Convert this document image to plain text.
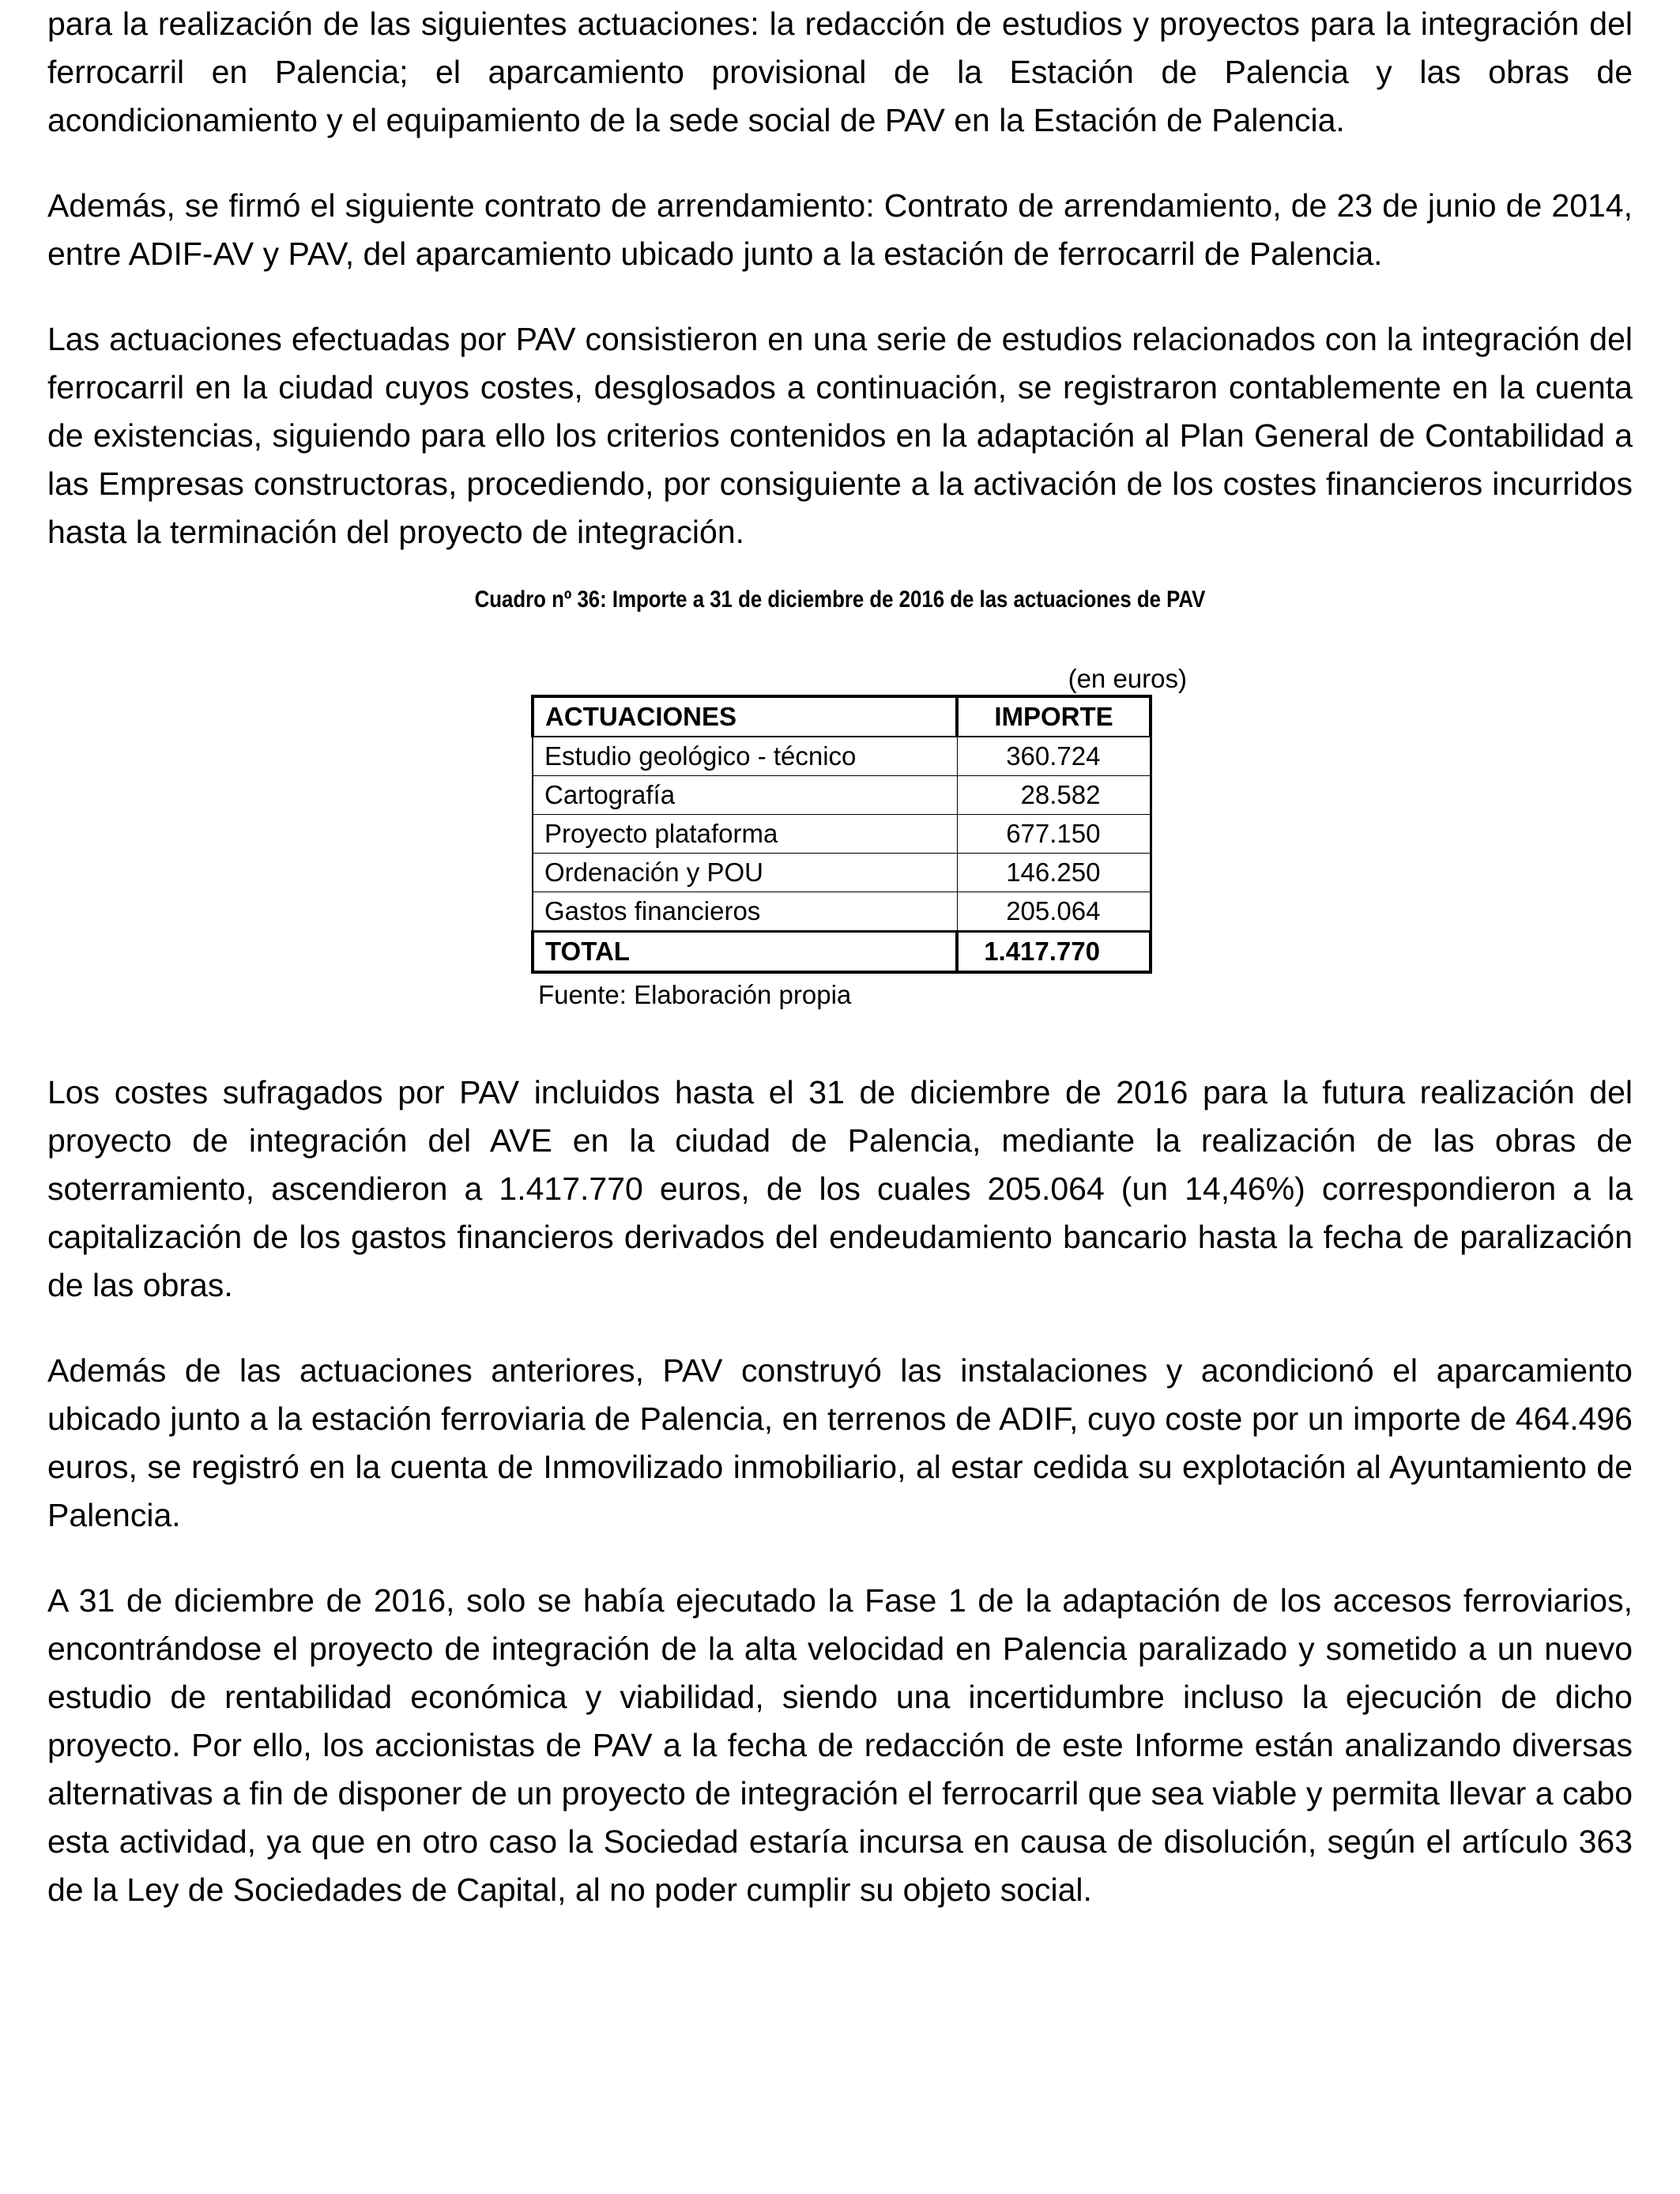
para la realización de las siguientes actuaciones: la redacción de estudios y proyectos para la integración del ferrocarril en Palencia; el aparcamiento provisional de la Estación de Palencia y las obras de acondicionamiento y el equipamiento de la sede social de PAV en la Estación de Palencia.

Además, se firmó el siguiente contrato de arrendamiento: Contrato de arrendamiento, de 23 de junio de 2014, entre ADIF-AV y PAV, del aparcamiento ubicado junto a la estación de ferrocarril de Palencia.

Las actuaciones efectuadas por PAV consistieron en una serie de estudios relacionados con la integración del ferrocarril en la ciudad cuyos costes, desglosados a continuación, se registraron contablemente en la cuenta de existencias, siguiendo para ello los criterios contenidos en la adaptación al Plan General de Contabilidad a las Empresas constructoras, procediendo, por consiguiente a la activación de los costes financieros incurridos hasta la terminación del proyecto de integración.

Cuadro nº 36: Importe a 31 de diciembre de 2016 de las actuaciones de PAV
(en euros)
ACTUACIONES	IMPORTE
Estudio geológico - técnico	360.724
Cartografía	28.582
Proyecto plataforma	677.150
Ordenación y POU	146.250
Gastos financieros	205.064
TOTAL	1.417.770
Fuente: Elaboración propia

Los costes sufragados por PAV incluidos hasta el 31 de diciembre de 2016 para la futura realización del proyecto de integración del AVE en la ciudad de Palencia, mediante la realización de las obras de soterramiento, ascendieron a 1.417.770 euros, de los cuales 205.064 (un 14,46%) correspondieron a la capitalización de los gastos financieros derivados del endeudamiento bancario hasta la fecha de paralización de las obras.

Además de las actuaciones anteriores, PAV construyó las instalaciones y acondicionó el aparcamiento ubicado junto a la estación ferroviaria de Palencia, en terrenos de ADIF, cuyo coste por un importe de 464.496 euros, se registró en la cuenta de Inmovilizado inmobiliario, al estar cedida su explotación al Ayuntamiento de Palencia.

A 31 de diciembre de 2016, solo se había ejecutado la Fase 1 de la adaptación de los accesos ferroviarios, encontrándose el proyecto de integración de la alta velocidad en Palencia paralizado y sometido a un nuevo estudio de rentabilidad económica y viabilidad, siendo una incertidumbre incluso la ejecución de dicho proyecto. Por ello, los accionistas de PAV a la fecha de redacción de este Informe están analizando diversas alternativas a fin de disponer de un proyecto de integración el ferrocarril que sea viable y permita llevar a cabo esta actividad, ya que en otro caso la Sociedad estaría incursa en causa de disolución, según el artículo 363 de la Ley de Sociedades de Capital, al no poder cumplir su objeto social.
